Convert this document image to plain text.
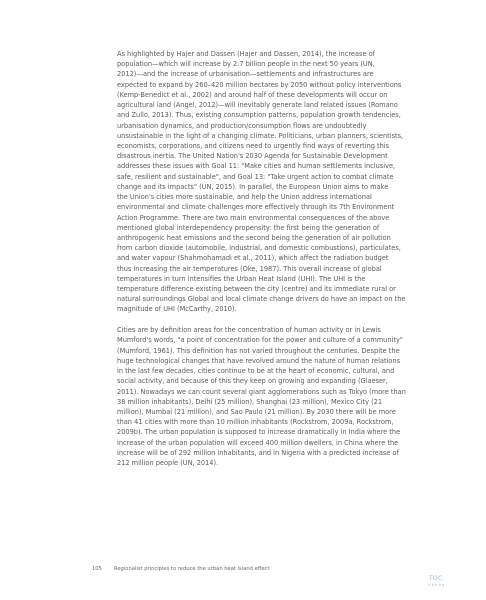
As highlighted by Hajer and Dassen (Hajer and Dassen, 2014), the increase of

population—which will increase by 2.7 billion people in the next 50 years (UN,

2012)—and the increase of urbanisation—settlements and infrastructures are

expected to expand by 260–420 million hectares by 2050 without policy interventions

(Kemp-Benedict et al., 2002) and around half of these developments will occur on

agricultural land (Angel, 2012)—will inevitably generate land related issues (Romano

and Zullo, 2013). Thus, existing consumption patterns, population growth tendencies,

urbanisation dynamics, and production/consumption flows are undoubtedly

unsustainable in the light of a changing climate. Politicians, urban planners, scientists,

economists, corporations, and citizens need to urgently find ways of reverting this

disastrous inertia. The United Nation's 2030 Agenda for Sustainable Development

addresses these issues with Goal 11: "Make cities and human settlements inclusive,

safe, resilient and sustainable", and Goal 13: "Take urgent action to combat climate

change and its impacts" (UN, 2015). In parallel, the European Union aims to make

the Union's cities more sustainable, and help the Union address international

environmental and climate challenges more effectively through its 7th Environment

Action Programme. There are two main environmental consequences of the above

mentioned global interdependency propensity: the first being the generation of

anthropogenic heat emissions and the second being the generation of air pollution

from carbon dioxide (automobile, industrial, and domestic combustions), particulates,

and water vapour (Shahmohamadi et al., 2011), which affect the radiation budget

thus increasing the air temperatures (Oke, 1987). This overall increase of global

temperatures in turn intensifies the Urban Heat Island (UHI). The UHI is the

temperature difference existing between the city (centre) and its immediate rural or

natural surroundings Global and local climate change drivers do have an impact on the

magnitude of UHI (McCarthy, 2010).

Cities are by definition areas for the concentration of human activity or in Lewis

Mumford's words, "a point of concentration for the power and culture of a community"

(Mumford, 1961). This definition has not varied throughout the centuries. Despite the

huge technological changes that have revolved around the nature of human relations

in the last few decades, cities continue to be at the heart of economic, cultural, and

social activity, and because of this they keep on growing and expanding (Glaeser,

2011). Nowadays we can count several giant agglomerations such as Tokyo (more than

38 million inhabitants), Delhi (25 million), Shanghai (23 million), Mexico City (21

million), Mumbai (21 million), and Sao Paulo (21 million). By 2030 there will be more

than 41 cities with more than 10 million inhabitants (Rockstrom, 2009a, Rockstrom,

2009b). The urban population is supposed to increase dramatically in India where the

increase of the urban population will exceed 400 million dwellers, in China where the

increase will be of 292 million inhabitants, and in Nigeria with a predicted increase of

212 million people (UN, 2014).

105 Regionalist principles to reduce the urban heat island effect
TOC
